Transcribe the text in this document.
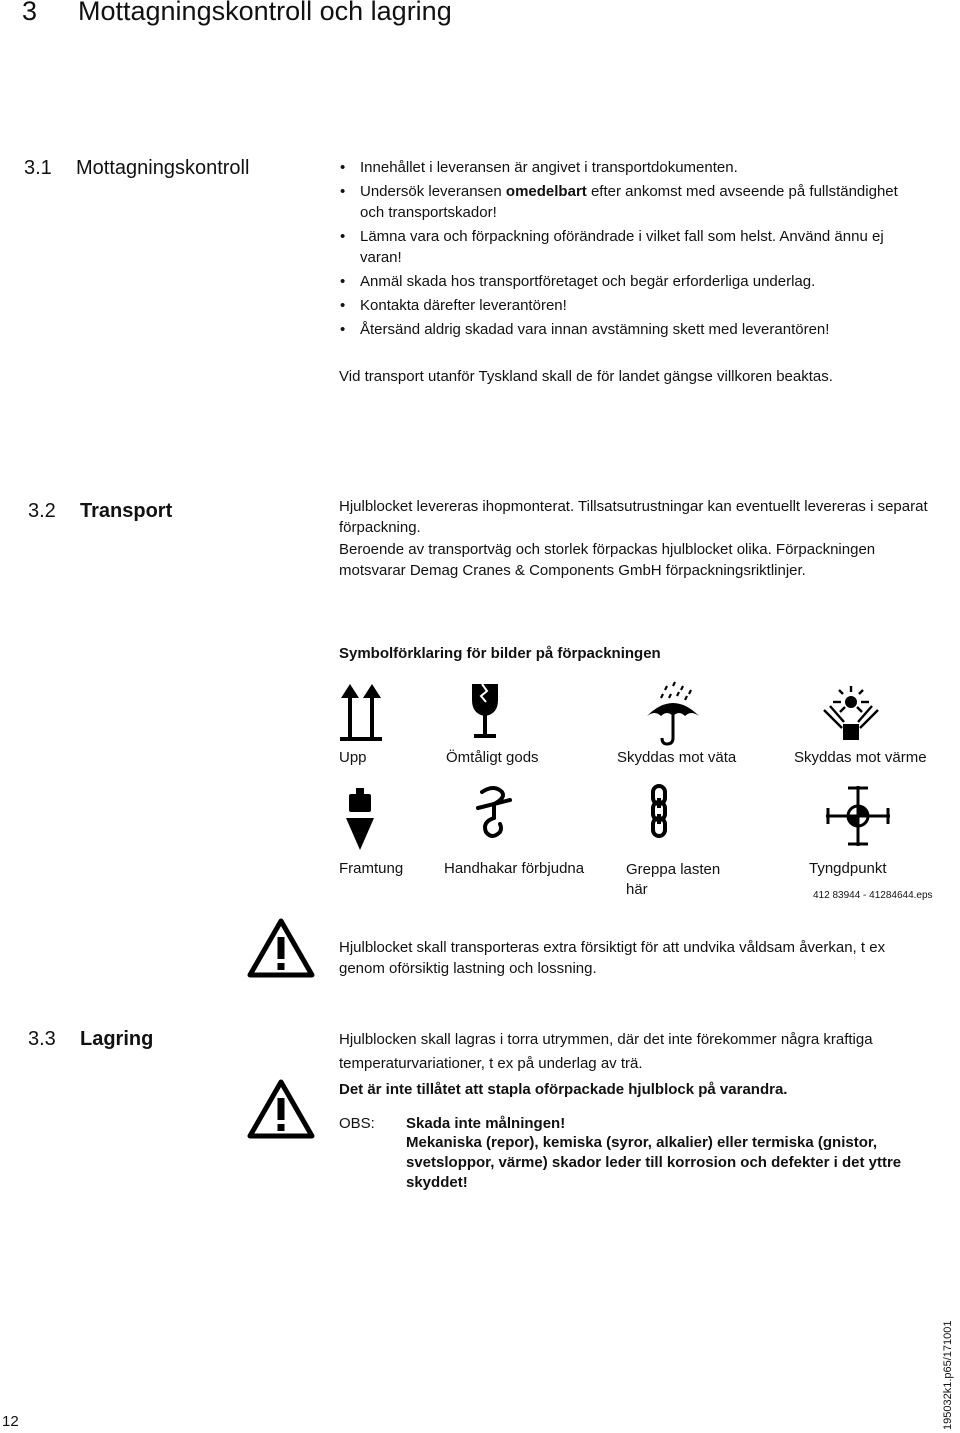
3 Mottagningskontroll och lagring
3.1 Mottagningskontroll
•	Innehållet i leveransen är angivet i transportdokumenten.
• Undersök leveransen omedelbart efter ankomst med avseende på fullständighet och transportskador!
• Lämna vara och förpackning oförändrade i vilket fall som helst. Använd ännu ej varan!
• Anmäl skada hos transportföretaget och begär erforderliga underlag.
• Kontakta därefter leverantören!
• Återsänd aldrig skadad vara innan avstämning skett med leverantören!

Vid transport utanför Tyskland skall de för landet gängse villkoren beaktas.

3.2 Transport	Hjulblocket levereras ihopmonterat. Tillsatsutrustningar kan eventuellt levereras i separat förpackning.

Beroende av transportväg och storlek förpackas hjulblocket olika. Förpackningen motsvarar Demag Cranes & Components GmbH förpackningsriktlinjer.

Symbolförklaring för bilder på förpackningen

Upp	Ömtåligt gods	Skyddas mot väta	Skyddas mot värme
Framtung	Handhakar förbjudna	Greppa lasten här
Tyngdpunkt
412 83944 - 41284644.eps

Hjulblocket skall transporteras extra försiktigt för att undvika våldsam åverkan, t ex genom oförsiktig lastning och lossning.

3.3 Lagring	Hjulblocken skall lagras i torra utrymmen, där det inte förekommer några kraftiga temperaturvariationer, t ex på underlag av trä.

Det är inte tillåtet att stapla oförpackade hjulblock på varandra.

OBS: Skada inte målningen!

Mekaniska (repor), kemiska (syror, alkalier) eller termiska (gnistor, svetsloppor, värme) skador leder till korrosion och defekter i det yttre skyddet!

12	195032k1.p65/171001
